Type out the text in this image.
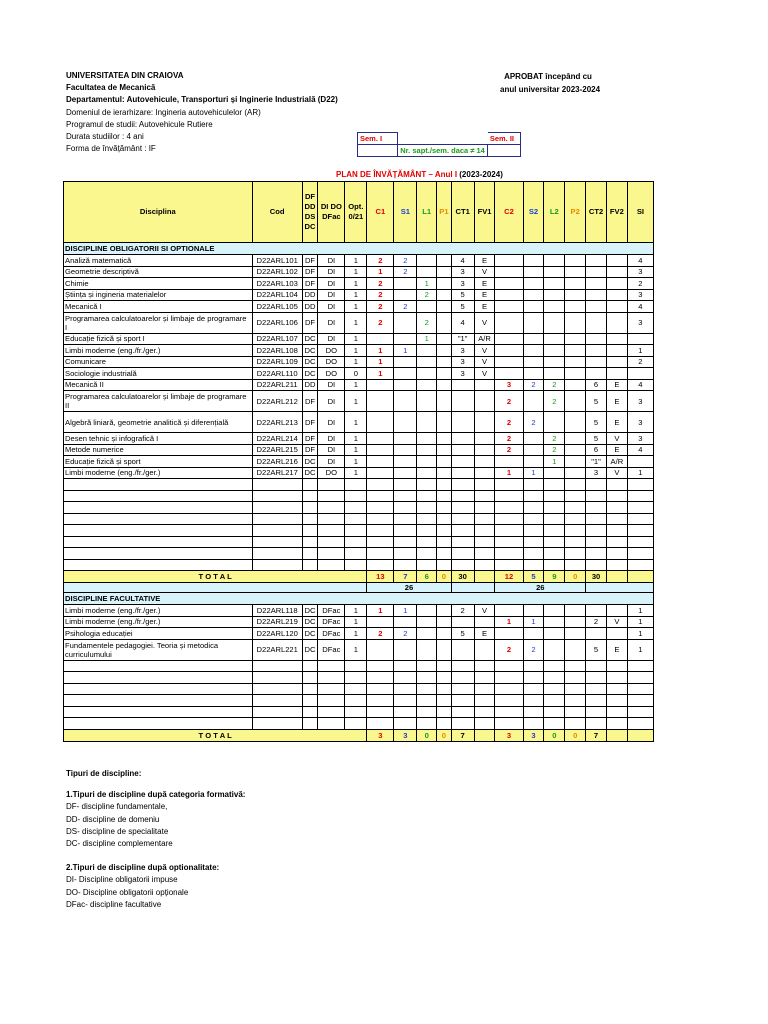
UNIVERSITATEA DIN CRAIOVA
Facultatea de Mecanică
Departamentul: Autovehicule, Transporturi și Inginerie Industrială (D22)
Domeniul de ierarhizare: Ingineria autovehiculelor (AR)
Programul de studii: Autovehicule Rutiere
Durata studiilor : 4 ani
Forma de învățământ : IF
APROBAT începând cu
anul universitar 2023-2024
Sem. I		Sem. II
	Nr. sapt./sem. daca ≠ 14	
PLAN DE ÎNVĂȚĂMÂNT – Anul I (2023-2024)
Disciplina	Cod	DF DD DS DC	DI DO DFac	Opt. 0/21	C1	S1	L1	P1	CT1	FV1	C2	S2	L2	P2	CT2	FV2	SI
DISCIPLINE OBLIGATORII SI OPTIONALE																	
Analiză matematică	D22ARL101	DF	DI	1	2	2			4	E							4
Geometrie descriptivă	D22ARL102	DF	DI	1	1	2			3	V							3
Chimie	D22ARL103	DF	DI	1	2		1		3	E							2
Știința și ingineria materialelor	D22ARL104	DD	DI	1	2		2		5	E							3
Mecanică I	D22ARL105	DD	DI	1	2	2			5	E							4
Programarea calculatoarelor și limbaje de programare I	D22ARL106	DF	DI	1	2		2		4	V							3
Educație fizică și sport I	D22ARL107	DC	DI	1			1		"1"	A/R							
Limbi moderne (eng./fr./ger.)	D22ARL108	DC	DO	1	1	1			3	V							1
Comunicare	D22ARL109	DC	DO	1	1				3	V							2
Sociologie industrială	D22ARL110	DC	DO	0	1				3	V							
Mecanică II	D22ARL211	DD	DI	1							3	2	2		6	E	4
Programarea calculatoarelor și limbaje de programare II	D22ARL212	DF	DI	1							2		2		5	E	3
Algebră liniară, geometrie analitică și diferențială	D22ARL213	DF	DI	1							2	2			5	E	3
Desen tehnic și infografică I	D22ARL214	DF	DI	1							2		2		5	V	3
Metode numerice	D22ARL215	DF	DI	1							2		2		6	E	4
Educație fizică și sport	D22ARL216	DC	DI	1									1		"1"	A/R	
Limbi moderne (eng./fr./ger.)	D22ARL217	DC	DO	1							1	1			3	V	1

T O T A L					13	7	6	0	30		12	5	9	0	30		
					26						26						
DISCIPLINE FACULTATIVE																	
Limbi moderne (eng./fr./ger.)	D22ARL118	DC	DFac	1	1	1			2	V							1
Limbi moderne (eng./fr./ger.)	D22ARL219	DC	DFac	1							1	1			2	V	1
Psihologia educației	D22ARL120	DC	DFac	1	2	2			5	E							1
Fundamentele pedagogiei. Teoria și metodica curriculumului	D22ARL221	DC	DFac	1							2	2			5	E	1

T O T A L					3	3	0	0	7		3	3	0	0	7		
Tipuri de discipline:
1.Tipuri de discipline după categoria formativă:
DF- discipline fundamentale,
DD- discipline de domeniu
DS- discipline de specialitate
DC- discipline complementare
2.Tipuri de discipline după optionalitate:
DI- Discipline obligatorii impuse
DO- Discipline obligatorii opționale
DFac- discipline facultative
